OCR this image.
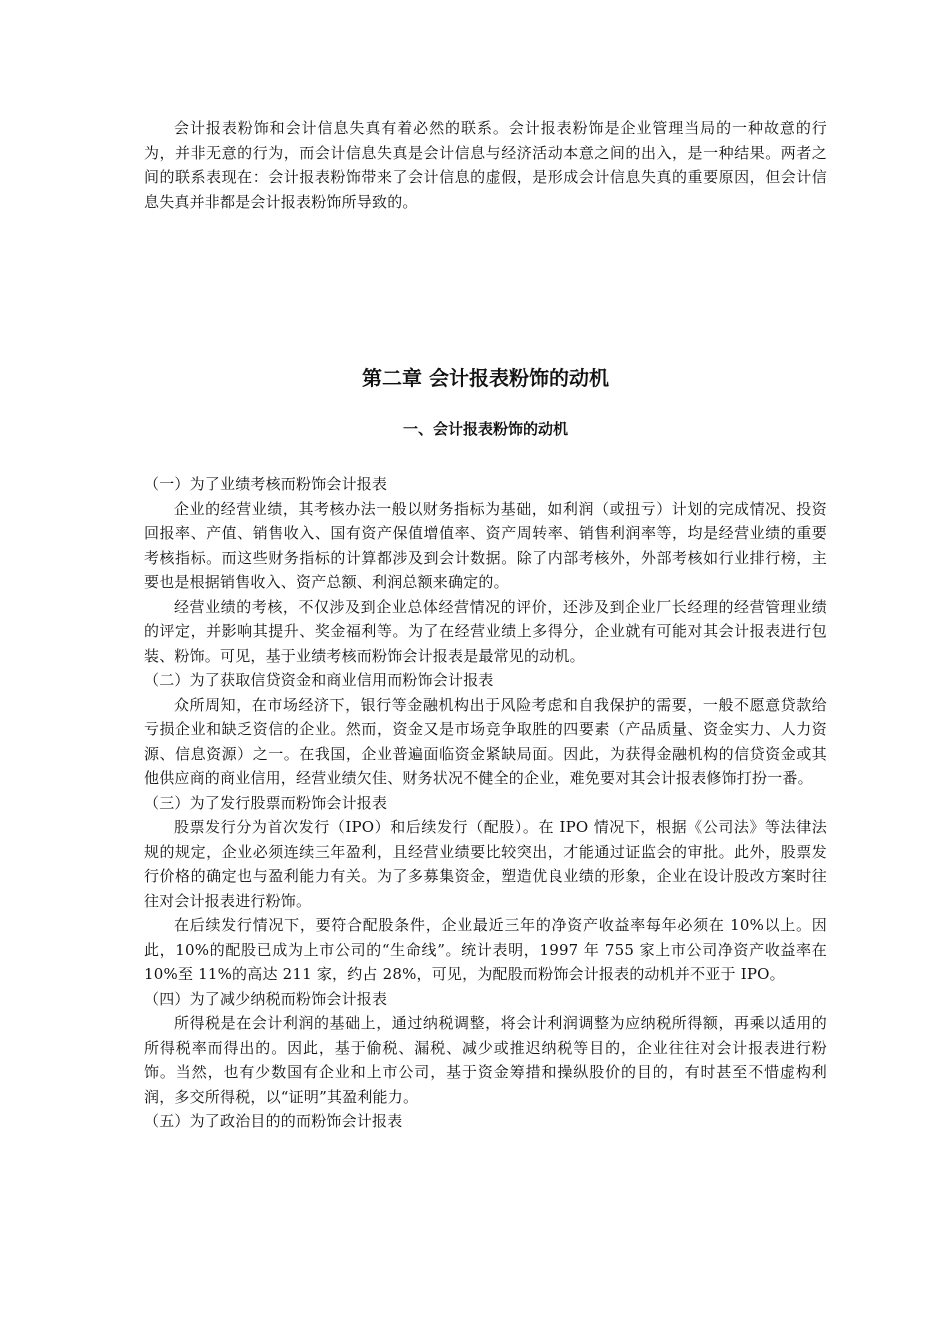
会计报表粉饰和会计信息失真有着必然的联系。会计报表粉饰是企业管理当局的一种故意的行为，并非无意的行为，而会计信息失真是会计信息与经济活动本意之间的出入，是一种结果。两者之间的联系表现在：会计报表粉饰带来了会计信息的虚假，是形成会计信息失真的重要原因，但会计信息失真并非都是会计报表粉饰所导致的。

第二章 会计报表粉饰的动机
一、会计报表粉饰的动机

（一）为了业绩考核而粉饰会计报表

企业的经营业绩，其考核办法一般以财务指标为基础，如利润（或扭亏）计划的完成情况、投资回报率、产值、销售收入、国有资产保值增值率、资产周转率、销售利润率等，均是经营业绩的重要考核指标。而这些财务指标的计算都涉及到会计数据。除了内部考核外，外部考核如行业排行榜，主要也是根据销售收入、资产总额、利润总额来确定的。

经营业绩的考核，不仅涉及到企业总体经营情况的评价，还涉及到企业厂长经理的经营管理业绩的评定，并影响其提升、奖金福利等。为了在经营业绩上多得分，企业就有可能对其会计报表进行包装、粉饰。可见，基于业绩考核而粉饰会计报表是最常见的动机。

（二）为了获取信贷资金和商业信用而粉饰会计报表

众所周知，在市场经济下，银行等金融机构出于风险考虑和自我保护的需要，一般不愿意贷款给亏损企业和缺乏资信的企业。然而，资金又是市场竞争取胜的四要素（产品质量、资金实力、人力资源、信息资源）之一。在我国，企业普遍面临资金紧缺局面。因此，为获得金融机构的信贷资金或其他供应商的商业信用，经营业绩欠佳、财务状况不健全的企业，难免要对其会计报表修饰打扮一番。

（三）为了发行股票而粉饰会计报表

股票发行分为首次发行（IPO）和后续发行（配股）。在 IPO 情况下，根据《公司法》等法律法规的规定，企业必须连续三年盈利，且经营业绩要比较突出，才能通过证监会的审批。此外，股票发行价格的确定也与盈利能力有关。为了多募集资金，塑造优良业绩的形象，企业在设计股改方案时往往对会计报表进行粉饰。

在后续发行情况下，要符合配股条件，企业最近三年的净资产收益率每年必须在 10%以上。因此，10%的配股已成为上市公司的“生命线”。统计表明，1997 年 755 家上市公司净资产收益率在 10%至 11%的高达 211 家，约占 28%，可见，为配股而粉饰会计报表的动机并不亚于 IPO。

（四）为了减少纳税而粉饰会计报表

所得税是在会计利润的基础上，通过纳税调整，将会计利润调整为应纳税所得额，再乘以适用的所得税率而得出的。因此，基于偷税、漏税、减少或推迟纳税等目的，企业往往对会计报表进行粉饰。当然，也有少数国有企业和上市公司，基于资金筹措和操纵股价的目的，有时甚至不惜虚构利润，多交所得税，以“证明”其盈利能力。

（五）为了政治目的的而粉饰会计报表
